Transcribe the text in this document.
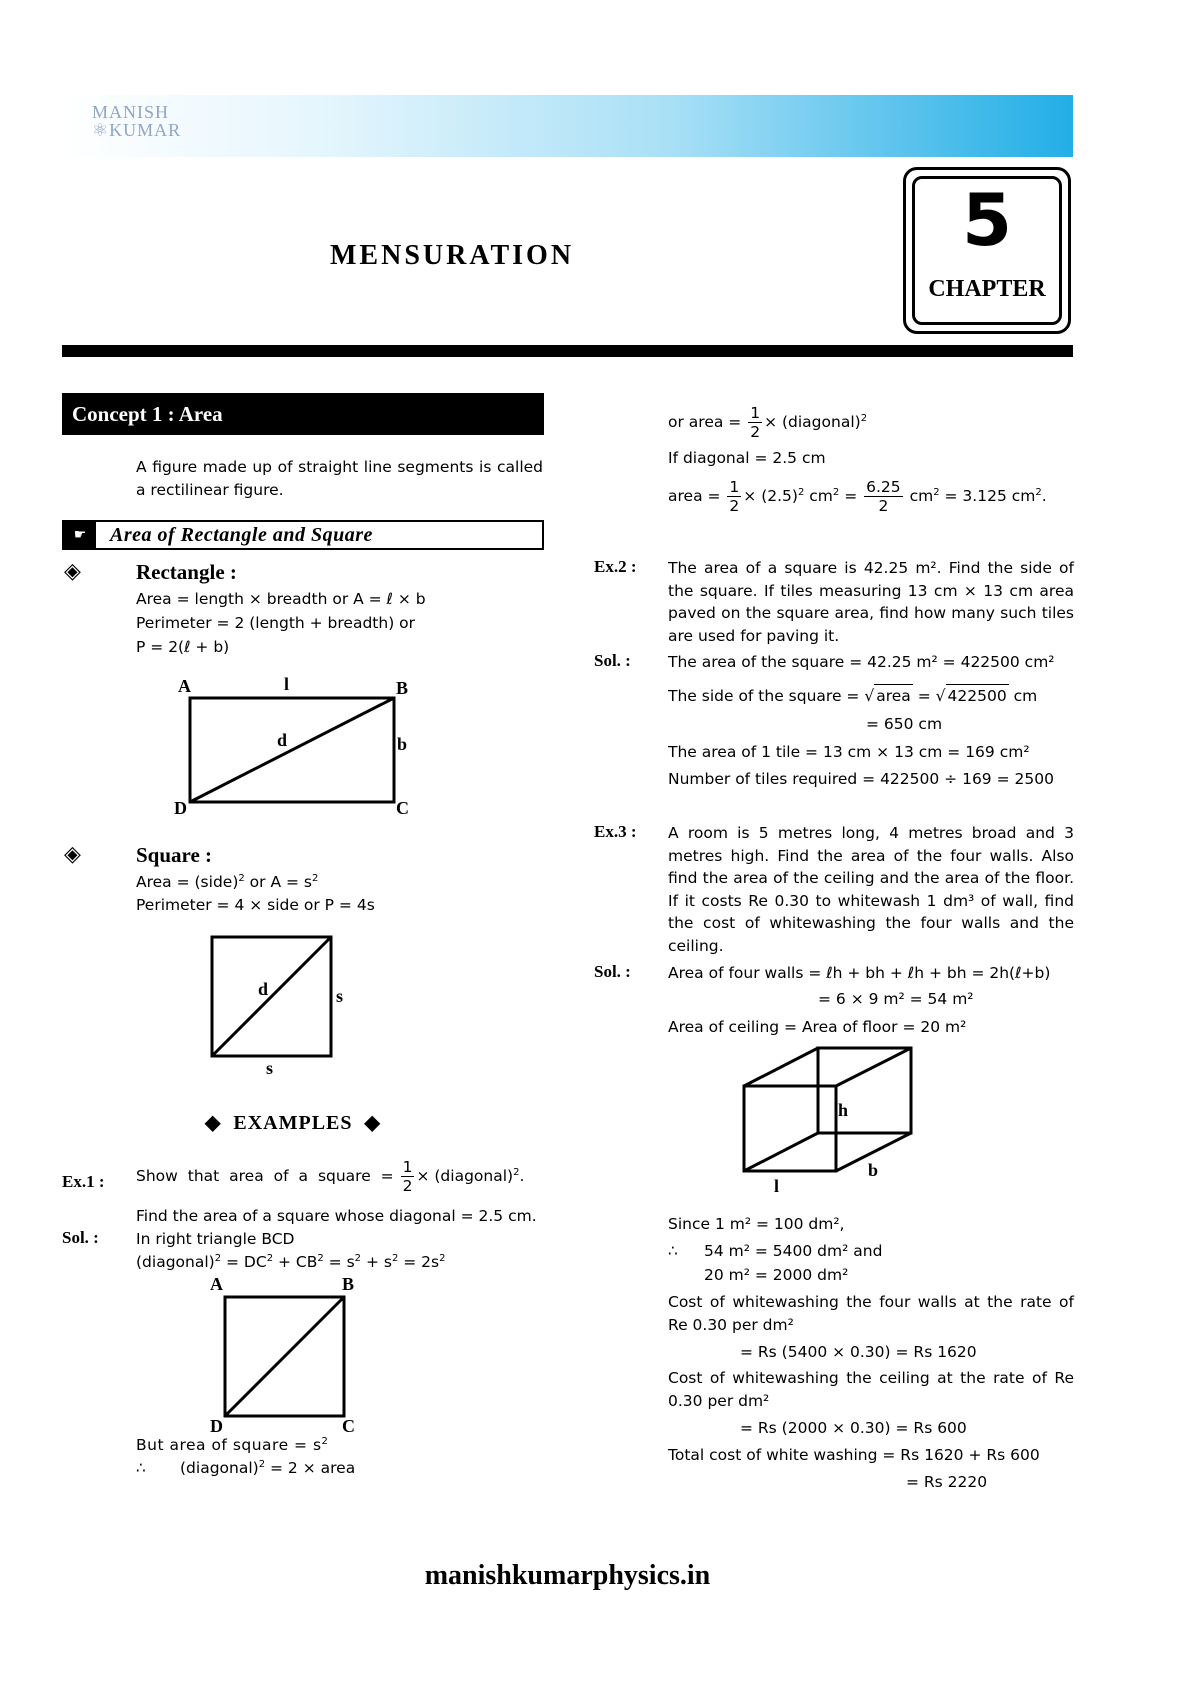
MANISH
⚛KUMAR
MENSURATION	5
CHAPTER
Concept 1 : Area
A figure made up of straight line segments is called a rectilinear figure.
☛	Area of Rectangle and Square
◈	Rectangle :
Area = length × breadth or A = ℓ × b
Perimeter = 2 (length + breadth) or
P = 2(ℓ + b)
A	l	B
d	b
D	C
◈	Square :
Area = (side)$^2$ or $A = s^2$
Perimeter = 4 × side or P = 4s
d	s
s
◆ EXAMPLES ◆
Ex.1 : Show that area of a square = $\frac{1}{2}$ × (diagonal)$^2$.
Find the area of a square whose diagonal = 2.5 cm.
Sol. : In right triangle BCD
(diagonal)$^2$ = $DC^2 + CB^2 = s^2 + s^2 = 2s^2$
A	B
D	C
But area of square = $s^2$
∴ (diagonal)$^2$ = 2 × area
or area = $\frac{1}{2}$ × (diagonal)$^2$
If diagonal = 2.5 cm
area = $\frac{1}{2} \times (2.5)^2$ $cm^2 = \frac{6.25}{2} cm^2 = 3.125$ $cm^2$.
Ex.2 : The area of a square is 42.25 m². Find the side of the square. If tiles measuring 13 cm × 13 cm area paved on the square area, find how many such tiles are used for paving it.
Sol. : The area of the square = 42.25 m² = 422500 cm²
The side of the square = √ area = √ 422500 cm
= 650 cm
The area of 1 tile = 13 cm × 13 cm = 169 cm²
Number of tiles required = 422500 ÷ 169 = 2500
Ex.3 : A room is 5 metres long, 4 metres broad and 3 metres high. Find the area of the four walls. Also find the area of the ceiling and the area of the floor. If it costs Re 0.30 to whitewash 1 dm³ of wall, find the cost of whitewashing the four walls and the ceiling.
Sol. : Area of four walls = ℓh + bh + ℓh + bh = 2h(ℓ+b)
= 6 × 9 m² = 54 m²
Area of ceiling = Area of floor = 20 m²
h
l
b
Since 1 m² = 100 dm²,
∴ 54 m² = 5400 dm² and
20 m² = 2000 dm²
Cost of whitewashing the four walls at the rate of Re 0.30 per dm²
= Rs (5400 × 0.30) = Rs 1620
Cost of whitewashing the ceiling at the rate of Re 0.30 per dm²
= Rs (2000 × 0.30) = Rs 600
Total cost of white washing = Rs 1620 + Rs 600
= Rs 2220
manishkumarphysics.in
